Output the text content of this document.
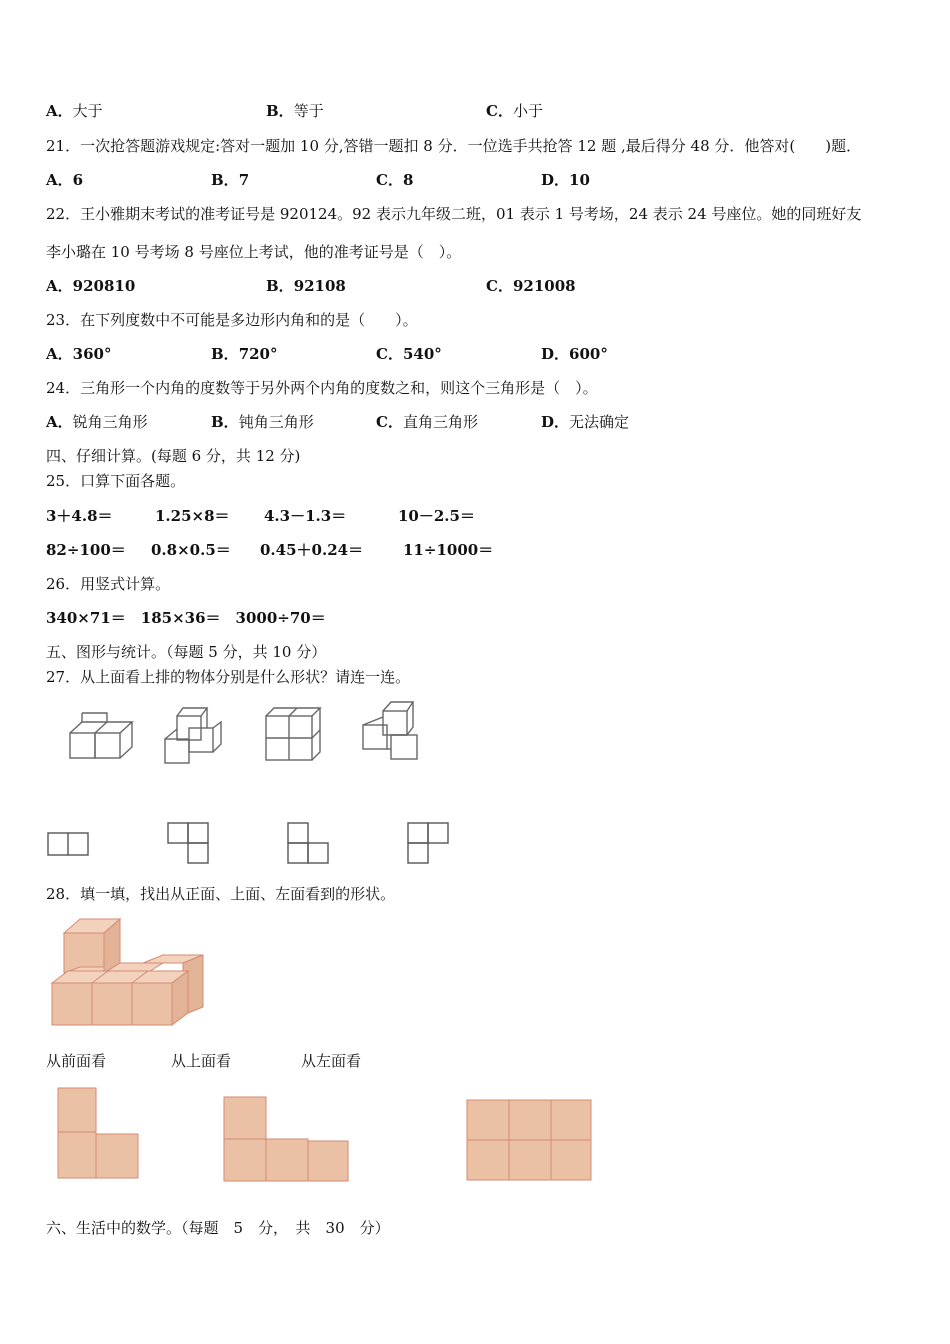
A．大于	B．等于	C．小于
21．一次抢答题游戏规定:答对一题加 10 分,答错一题扣 8 分．一位选手共抢答 12 题 ,最后得分 48 分．他答对(　　)题．
A．6	B．7	C．8	D．10
22．王小雅期末考试的准考证号是 920124。92 表示九年级二班，01 表示 1 号考场，24 表示 24 号座位。她的同班好友
李小璐在 10 号考场 8 号座位上考试，他的准考证号是（　）。
A．920810	B．92108	C．921008
23．在下列度数中不可能是多边形内角和的是（　　）。
A．360°	B．720°	C．540°	D．600°
24．三角形一个内角的度数等于另外两个内角的度数之和，则这个三角形是（　）。
A．锐角三角形	B．钝角三角形	C．直角三角形	D．无法确定
四、仔细计算。(每题 6 分，共 12 分)
25．口算下面各题。
3＋4.8＝	1.25×8＝ 4.3－1.3＝	10－2.5＝
82÷100＝ 0.8×0.5＝ 0.45＋0.24＝	11÷1000＝
26．用竖式计算。
340×71＝　185×36＝　3000÷70＝
五、图形与统计。（每题 5 分，共 10 分）
27．从上面看上排的物体分别是什么形状？请连一连。
28．填一填，找出从正面、上面、左面看到的形状。
从前面看	从上面看	从左面看
六、生活中的数学。（每题　5　分，　共　30　分）
